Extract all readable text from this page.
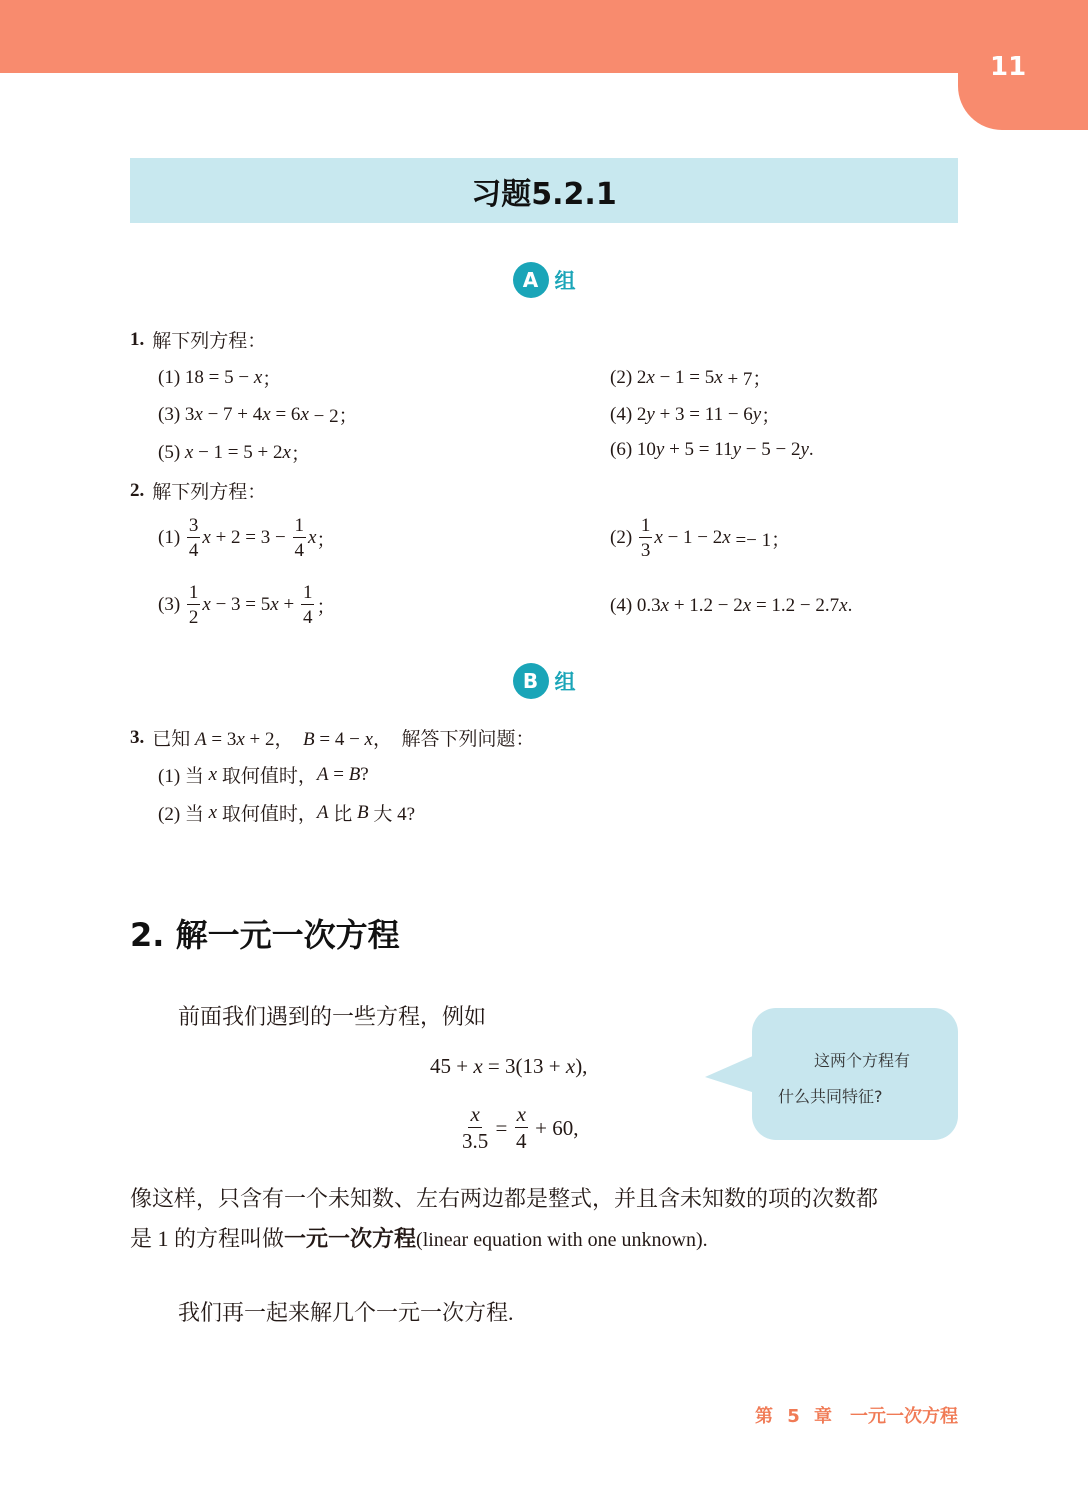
11
习题5.2.1
A 组
1. 解下列方程：
(1) 18 = 5 − x ；	(2) 2 x − 1 = 5 x + 7；
(3) 3 x − 7 + 4 x = 6 x − 2；	(4) 2 y + 3 = 11 − 6 y ；
(5) x − 1 = 5 + 2 x ；	(6) 10 y + 5 = 11 y − 5 − 2 y .
2. 解下列方程：
$(1) \frac{3}{4}$ $x + 2 = 3 - \frac{1}{4}$ x ；	$(2) \frac{1}{3}$ x − 1 − 2 x =− 1；
$(3) \frac{1}{2}$ x − 3 = 5 $x + \frac{1}{4}$ ；	(4) 0.3 x + 1.2 − 2 x = 1.2 − 2.7 x .
B 组
3. 已知 A = 3x + 2，  B = 4 − x，  解答下列问题：
(1) 当 x 取何值时， A = B ?
(2) 当 x 取何值时， A 比 B 大 4?
2. 解一元一次方程
前面我们遇到的一些方程，例如
45 + x = 3(13 + x ),
$\frac{x}{3.5} = \frac{x}{4} + 60$,
这两个方程有
什么共同特征?
像这样，只含有一个未知数、左右两边都是整式，并且含未知数的项的次数都
是 1 的方程叫做一元一次方程(linear equation with one unknown).
我们再一起来解几个一元一次方程.
第 5 章　一元一次方程
